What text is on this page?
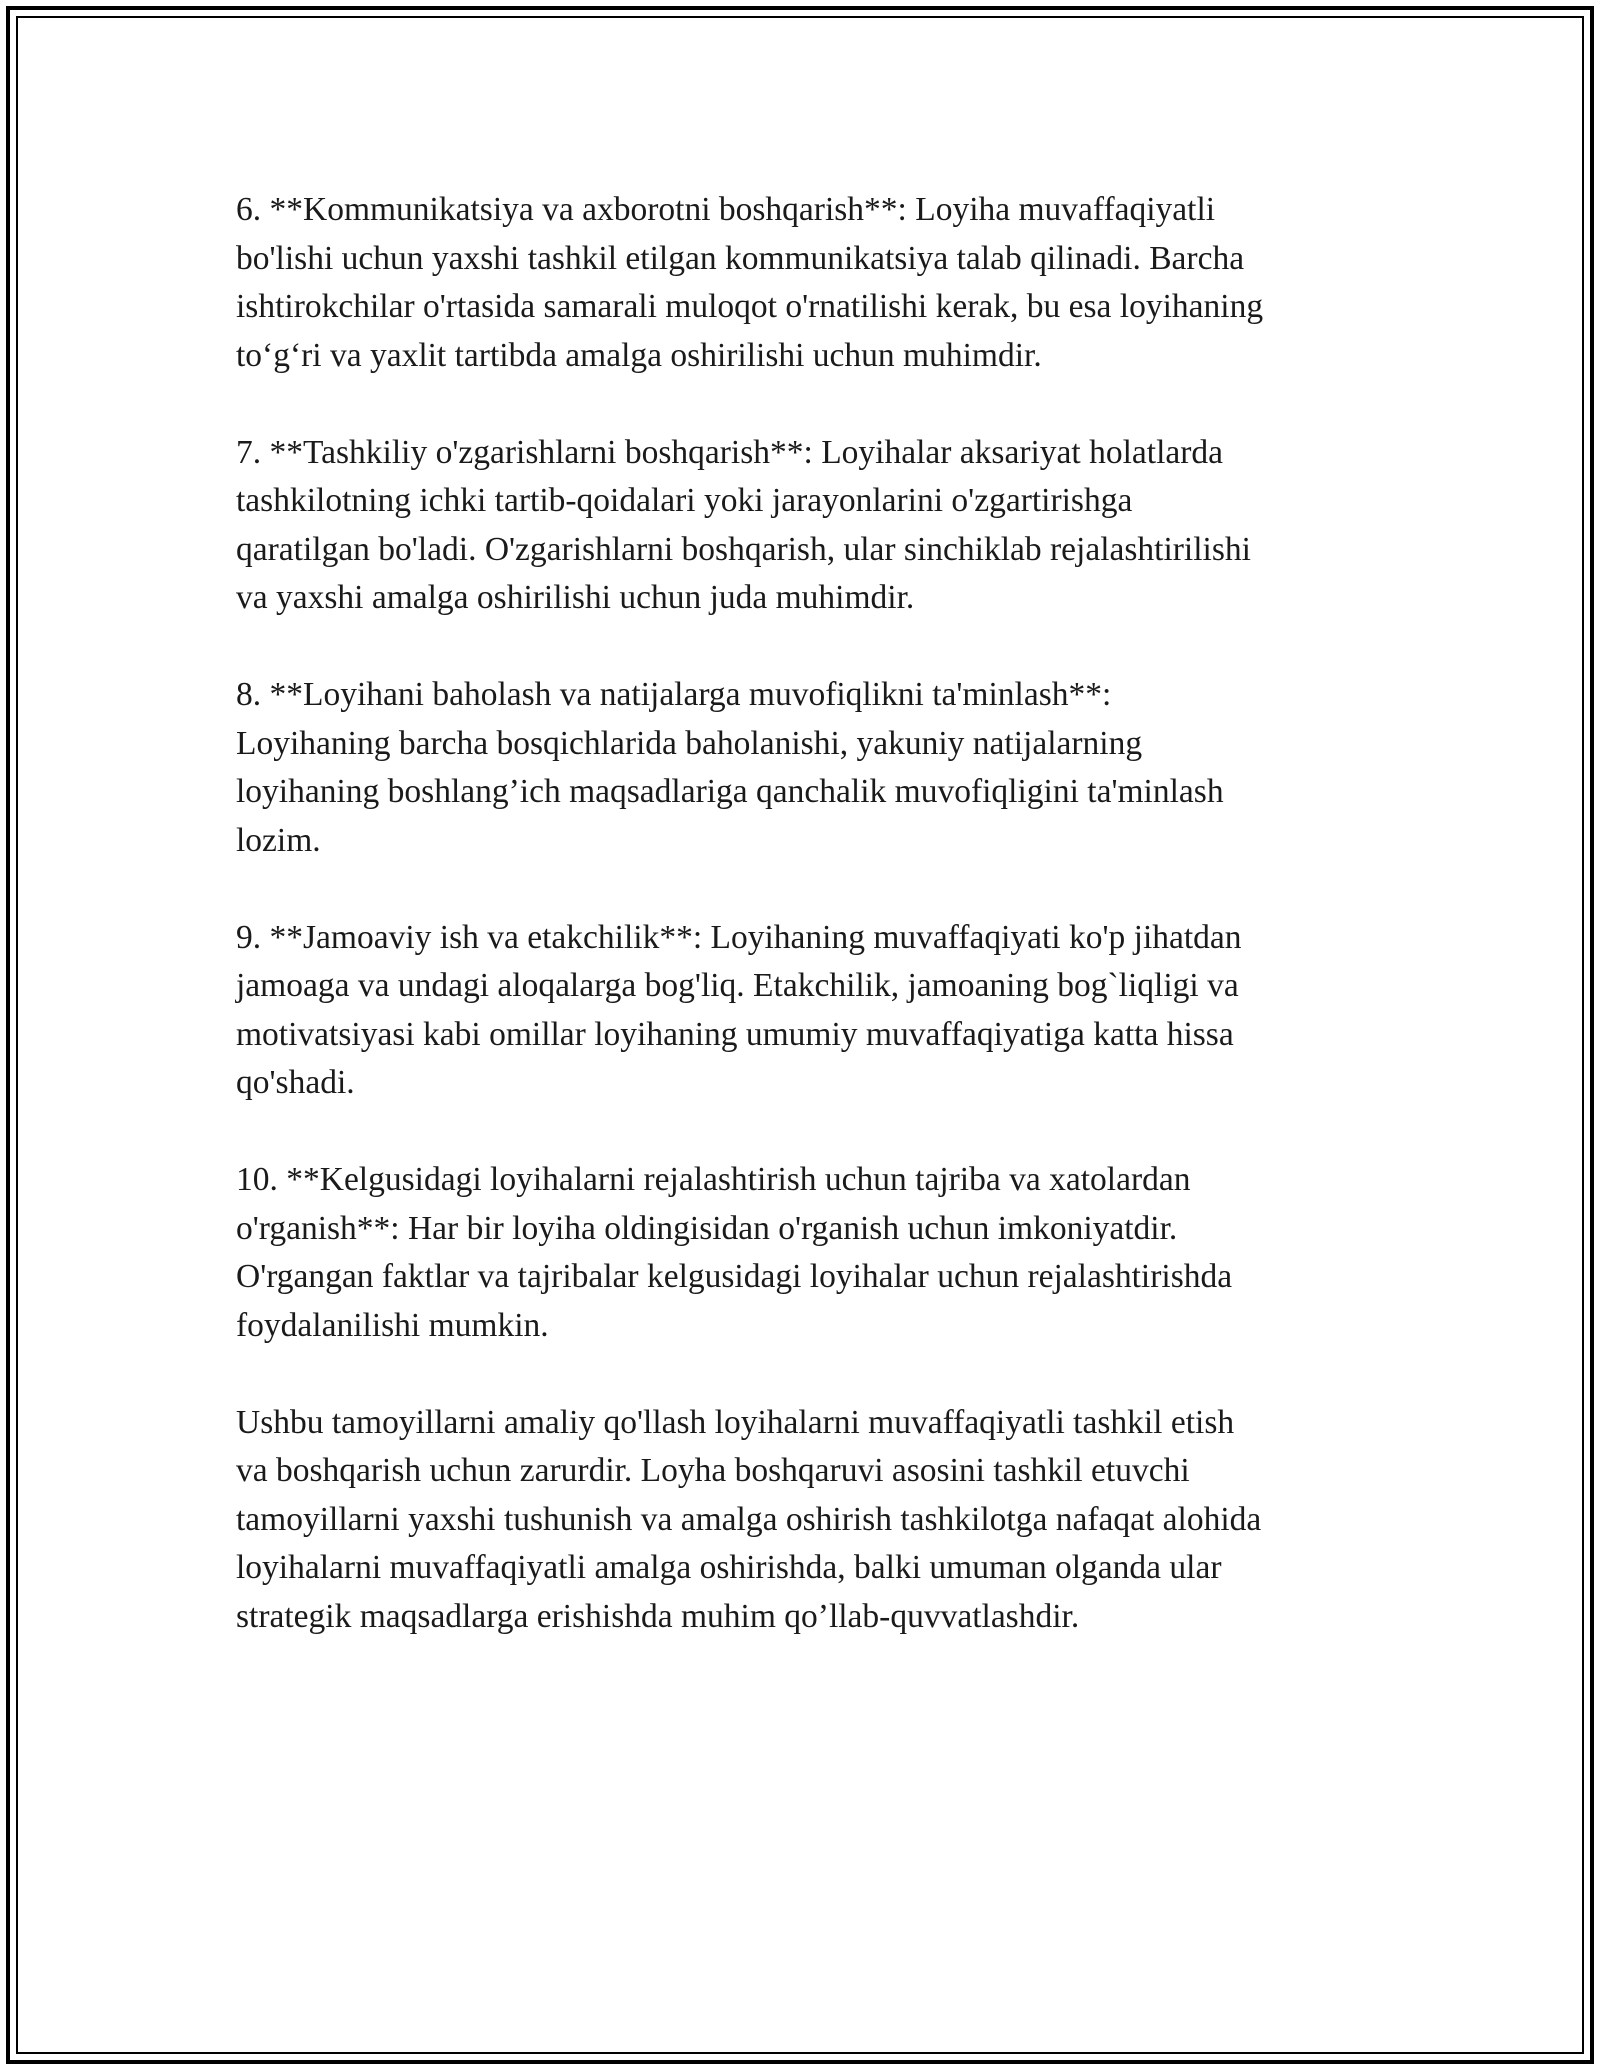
6. **Kommunikatsiya va axborotni boshqarish**: Loyiha muvaffaqiyatli
bo'lishi uchun yaxshi tashkil etilgan kommunikatsiya talab qilinadi. Barcha
ishtirokchilar o'rtasida samarali muloqot o'rnatilishi kerak, bu esa loyihaning
to‘g‘ri va yaxlit tartibda amalga oshirilishi uchun muhimdir.

7. **Tashkiliy o'zgarishlarni boshqarish**: Loyihalar aksariyat holatlarda
tashkilotning ichki tartib-qoidalari yoki jarayonlarini o'zgartirishga
qaratilgan bo'ladi. O'zgarishlarni boshqarish, ular sinchiklab rejalashtirilishi
va yaxshi amalga oshirilishi uchun juda muhimdir.

8. **Loyihani baholash va natijalarga muvofiqlikni ta'minlash**:
Loyihaning barcha bosqichlarida baholanishi, yakuniy natijalarning
loyihaning boshlang’ich maqsadlariga qanchalik muvofiqligini ta'minlash
lozim.

9. **Jamoaviy ish va etakchilik**: Loyihaning muvaffaqiyati ko'p jihatdan
jamoaga va undagi aloqalarga bog'liq. Etakchilik, jamoaning bog`liqligi va
motivatsiyasi kabi omillar loyihaning umumiy muvaffaqiyatiga katta hissa
qo'shadi.

10. **Kelgusidagi loyihalarni rejalashtirish uchun tajriba va xatolardan
o'rganish**: Har bir loyiha oldingisidan o'rganish uchun imkoniyatdir.
O'rgangan faktlar va tajribalar kelgusidagi loyihalar uchun rejalashtirishda
foydalanilishi mumkin.

Ushbu tamoyillarni amaliy qo'llash loyihalarni muvaffaqiyatli tashkil etish
va boshqarish uchun zarurdir. Loyha boshqaruvi asosini tashkil etuvchi
tamoyillarni yaxshi tushunish va amalga oshirish tashkilotga nafaqat alohida
loyihalarni muvaffaqiyatli amalga oshirishda, balki umuman olganda ular
strategik maqsadlarga erishishda muhim qo’llab-quvvatlashdir.
